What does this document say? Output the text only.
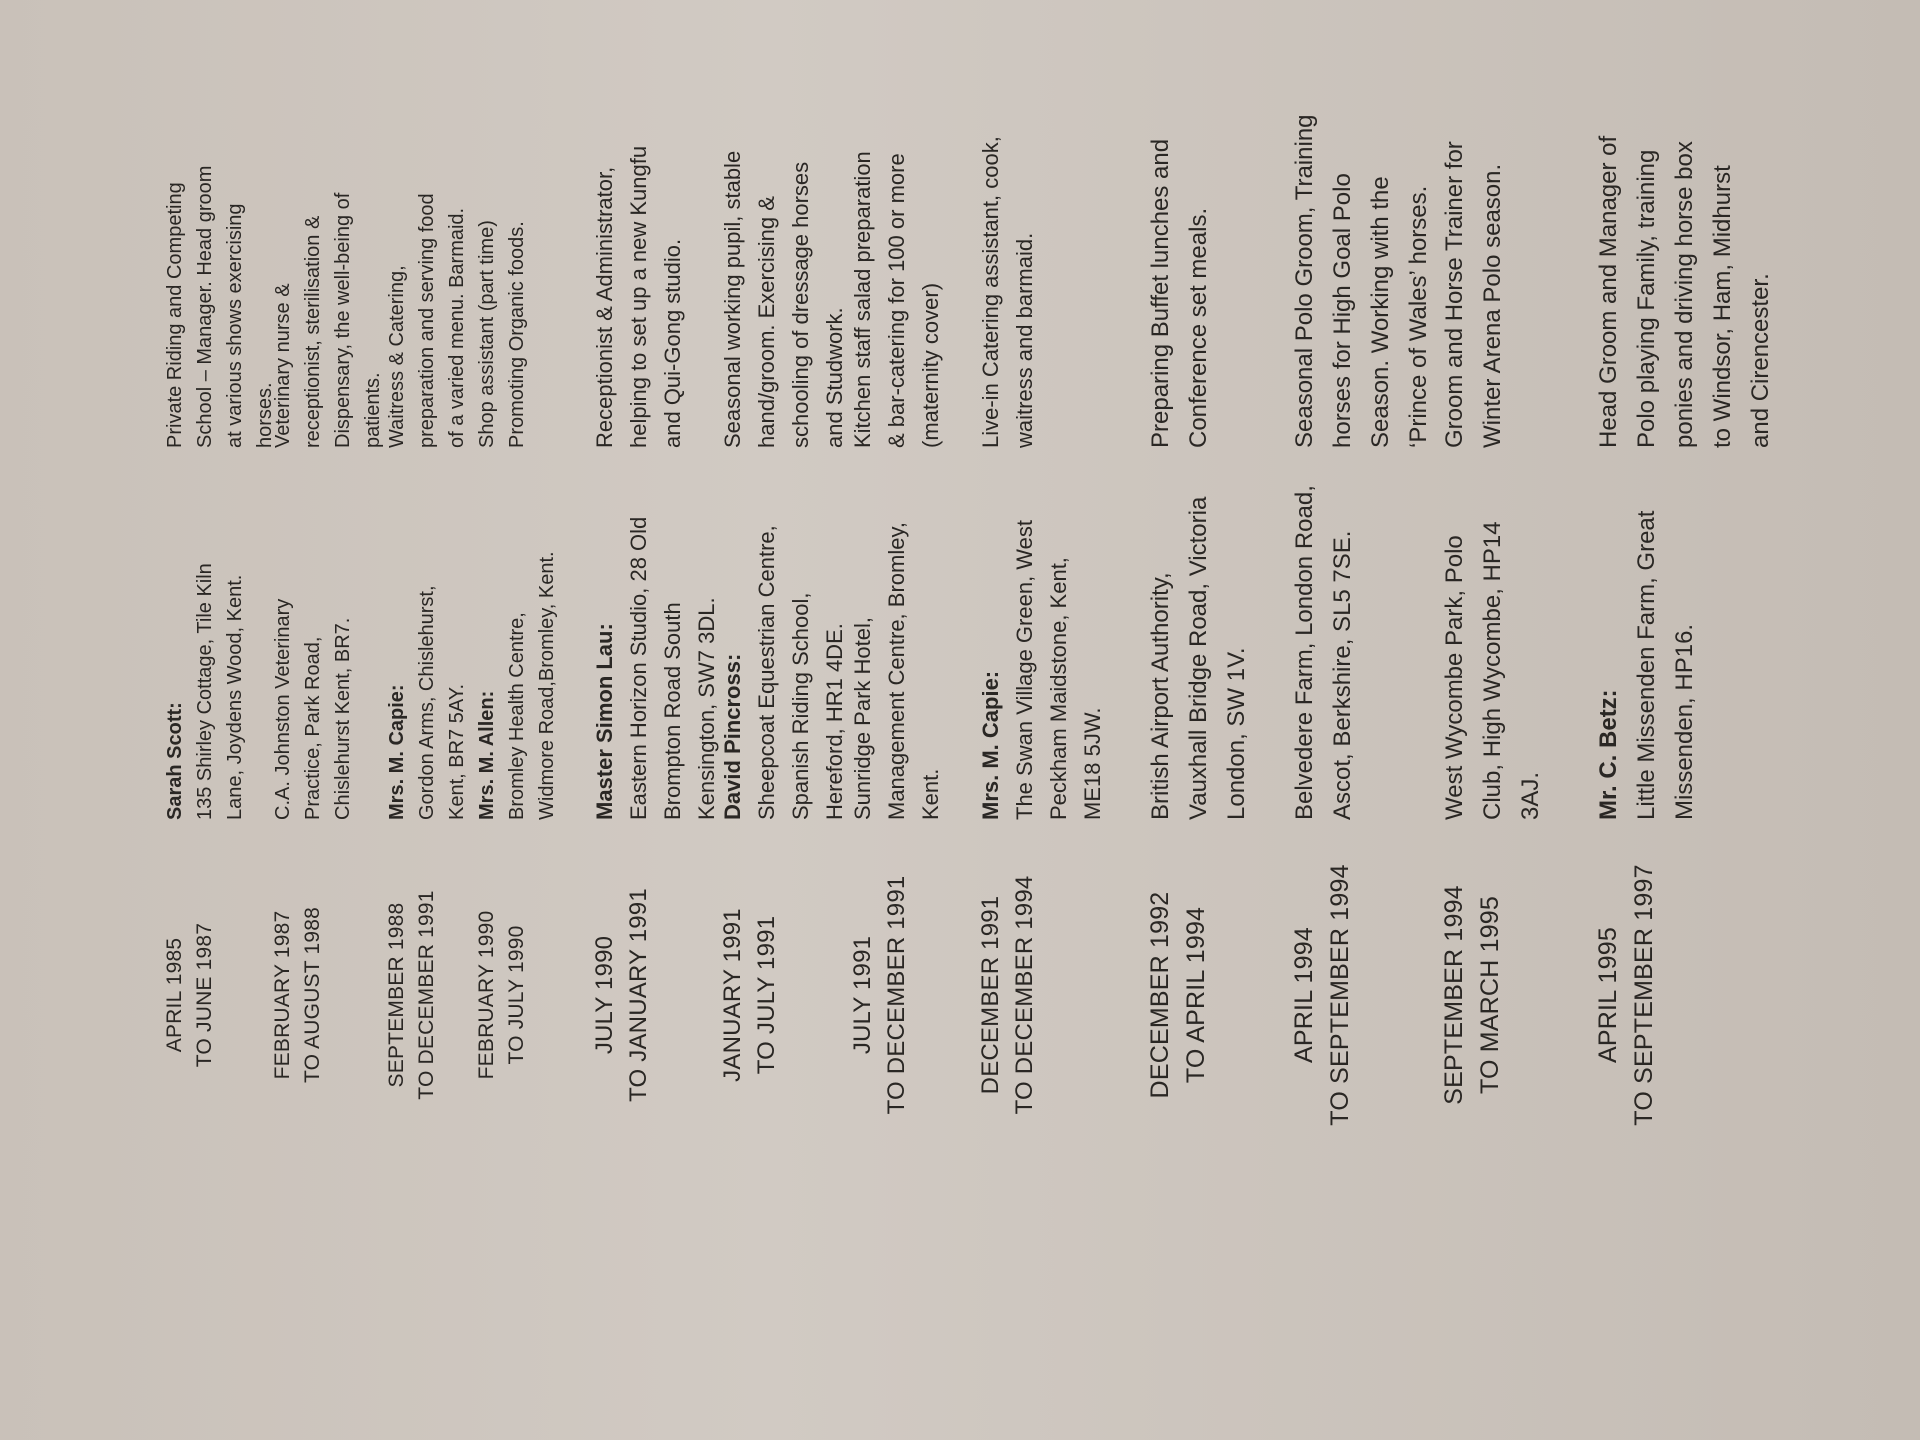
APRIL 1985 TO JUNE 1987
Sarah Scott: 135 Shirley Cottage, Tile Kiln Lane, Joydens Wood, Kent.
Private Riding and Competing School – Manager. Head groom at various shows exercising horses.
FEBRUARY 1987 TO AUGUST 1988
C.A. Johnston Veterinary Practice, Park Road, Chislehurst Kent, BR7.
Veterinary nurse & receptionist, sterilisation & Dispensary, the well-being of patients.
SEPTEMBER 1988 TO DECEMBER 1991
Mrs. M. Capie: Gordon Arms, Chislehurst, Kent, BR7 5AY.
Waitress & Catering, preparation and serving food of a varied menu. Barmaid.
FEBRUARY 1990 TO JULY 1990
Mrs. M. Allen: Bromley Health Centre, Widmore Road,Bromley, Kent.
Shop assistant (part time) Promoting Organic foods.
JULY 1990 TO JANUARY 1991
Master Simon Lau: Eastern Horizon Studio, 28 Old Brompton Road South Kensington, SW7 3DL.
Receptionist & Administrator, helping to set up a new Kungfu and Qui-Gong studio.
JANUARY 1991 TO JULY 1991
David Pincross: Sheepcoat Equestrian Centre, Spanish Riding School, Hereford, HR1 4DE.
Seasonal working pupil, stable hand/groom. Exercising & schooling of dressage horses and Studwork.
JULY 1991 TO DECEMBER 1991
Sunridge Park Hotel, Management Centre, Bromley, Kent.
Kitchen staff salad preparation & bar-catering for 100 or more (maternity cover)
DECEMBER 1991 TO DECEMBER 1994
Mrs. M. Capie: The Swan Village Green, West Peckham Maidstone, Kent, ME18 5JW.
Live-in Catering assistant, cook, waitress and barmaid.
DECEMBER 1992 TO APRIL 1994
British Airport Authority, Vauxhall Bridge Road, Victoria London, SW 1V.
Preparing Buffet lunches and Conference set meals.
APRIL 1994 TO SEPTEMBER 1994
Belvedere Farm, London Road, Ascot, Berkshire, SL5 7SE.
Seasonal Polo Groom, Training horses for High Goal Polo Season. Working with the ‘Prince of Wales’ horses.
SEPTEMBER 1994 TO MARCH 1995
West Wycombe Park, Polo Club, High Wycombe, HP14 3AJ.
Groom and Horse Trainer for Winter Arena Polo season.
APRIL 1995 TO SEPTEMBER 1997
Mr. C. Betz: Little Missenden Farm, Great Missenden, HP16.
Head Groom and Manager of Polo playing Family, training ponies and driving horse box to Windsor, Ham, Midhurst and Cirencester.
